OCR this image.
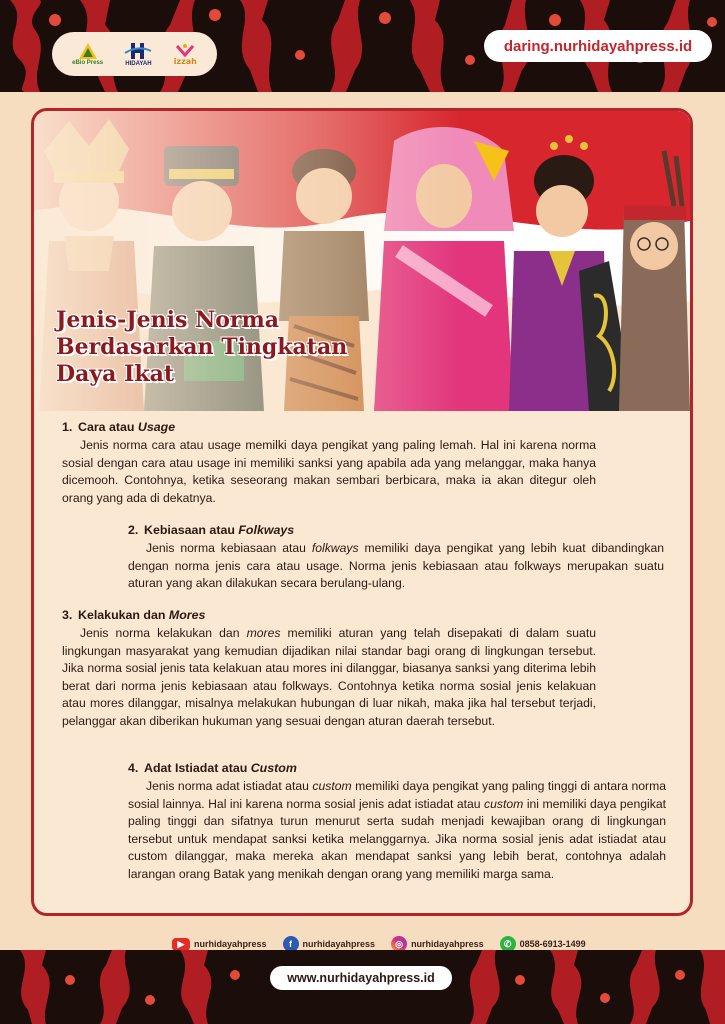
eBio Press	HIDAYAH	izzah
daring.nurhidayahpress.id
Jenis-Jenis Norma
Berdasarkan Tingkatan
Daya Ikat
1. Cara atau Usage

Jenis norma cara atau usage memilki daya pengikat yang paling lemah. Hal ini karena norma sosial dengan cara atau usage ini memiliki sanksi yang apabila ada yang melanggar, maka hanya dicemooh. Contohnya, ketika seseorang makan sembari berbicara, maka ia akan ditegur oleh orang yang ada di dekatnya.

2. Kebiasaan atau Folkways

Jenis norma kebiasaan atau folkways memiliki daya pengikat yang lebih kuat dibandingkan dengan norma jenis cara atau usage. Norma jenis kebiasaan atau folkways merupakan suatu aturan yang akan dilakukan secara berulang-ulang.

3. Kelakukan dan Mores

Jenis norma kelakukan dan mores memiliki aturan yang telah disepakati di dalam suatu lingkungan masyarakat yang kemudian dijadikan nilai standar bagi orang di lingkungan tersebut. Jika norma sosial jenis tata kelakuan atau mores ini dilanggar, biasanya sanksi yang diterima lebih berat dari norma jenis kebiasaan atau folkways. Contohnya ketika norma sosial jenis kelakuan atau mores dilanggar, misalnya melakukan hubungan di luar nikah, maka jika hal tersebut terjadi, pelanggar akan diberikan hukuman yang sesuai dengan aturan daerah tersebut.

4. Adat Istiadat atau Custom

Jenis norma adat istiadat atau custom memiliki daya pengikat yang paling tinggi di antara norma sosial lainnya. Hal ini karena norma sosial jenis adat istiadat atau custom ini memiliki daya pengikat paling tinggi dan sifatnya turun menurut serta sudah menjadi kewajiban orang di lingkungan tersebut untuk mendapat sanksi ketika melanggarnya. Jika norma sosial jenis adat istiadat atau custom dilanggar, maka mereka akan mendapat sanksi yang lebih berat, contohnya adalah larangan orang Batak yang menikah dengan orang yang memiliki marga sama.

▶	nurhidayahpress	f	nurhidayahpress	◎ nurhidayahpress	✆ 0858-6913-1499
www.nurhidayahpress.id
